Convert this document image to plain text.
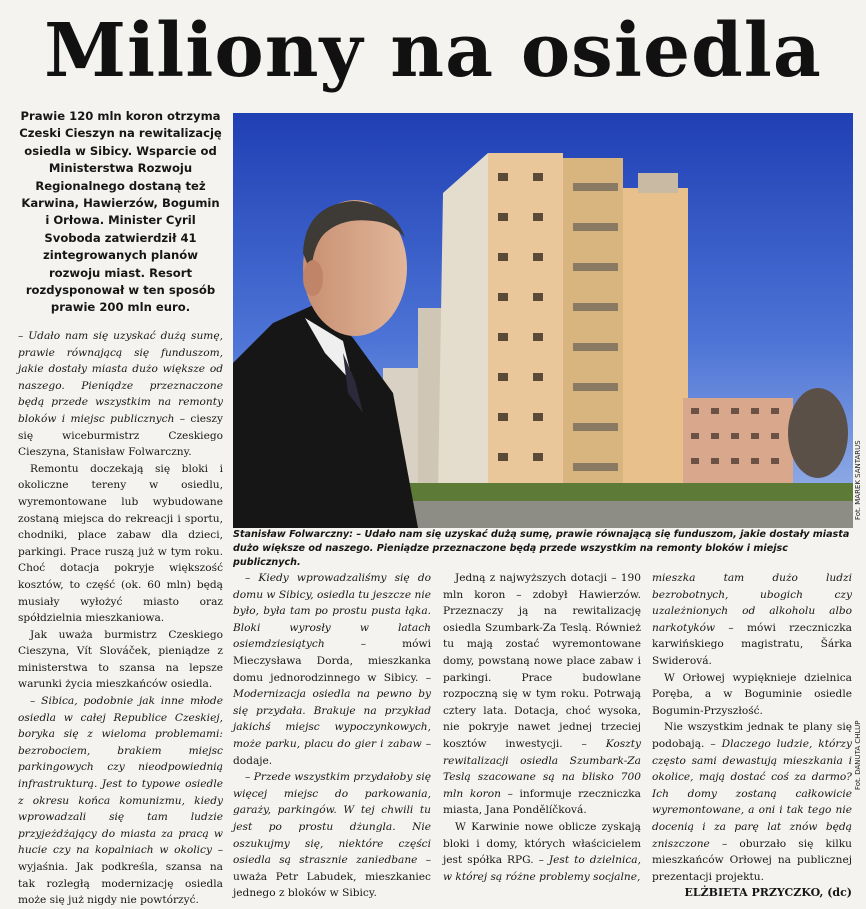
Miliony na osiedla
Prawie 120 mln koron otrzyma Czeski Cieszyn na rewitalizację osiedla w Sibicy. Wsparcie od Ministerstwa Rozwoju Regionalnego dostaną też Karwina, Hawierzów, Bogumin i Orłowa. Minister Cyril Svoboda zatwierdził 41 zintegrowanych planów rozwoju miast. Resort rozdysponował w ten sposób prawie 200 mln euro.

– Udało nam się uzyskać dużą sumę, prawie równającą się funduszom, jakie dostały miasta dużo większe od naszego. Pieniądze przeznaczone będą przede wszystkim na remonty bloków i miejsc publicznych – cieszy się wiceburmistrz Czeskiego Cieszyna, Stanisław Folwarczny.

Remontu doczekają się bloki i okoliczne tereny w osiedlu, wyremontowane lub wybudowane zostaną miejsca do rekreacji i sportu, chodniki, place zabaw dla dzieci, parkingi. Prace ruszą już w tym roku. Choć dotacja pokryje większość kosztów, to część (ok. 60 mln) będą musiały wyłożyć miasto oraz spółdzielnia mieszkaniowa.

Jak uważa burmistrz Czeskiego Cieszyna, Vít Slováček, pieniądze z ministerstwa to szansa na lepsze warunki życia mieszkańców osiedla.

– Sibica, podobnie jak inne młode osiedla w całej Republice Czeskiej, boryka się z wieloma problemami: bezrobociem, brakiem miejsc parkingowych czy nieodpowiednią infrastrukturą. Jest to typowe osiedle z okresu końca komunizmu, kiedy wprowadzali się tam ludzie przyjeżdżający do miasta za pracą w hucie czy na kopalniach w okolicy – wyjaśnia. Jak podkreśla, szansa na tak rozległą modernizację osiedla może się już nigdy nie powtórzyć.

Fot. MAREK SANTARUS
Stanisław Folwarczny: – Udało nam się uzyskać dużą sumę, prawie równającą się funduszom, jakie dostały miasta dużo większe od naszego. Pieniądze przeznaczone będą przede wszystkim na remonty bloków i miejsc publicznych.

– Kiedy wprowadzaliśmy się do domu w Sibicy, osiedla tu jeszcze nie było, była tam po prostu pusta łąka. Bloki wyrosły w latach osiemdziesiątych – mówi Mieczysława Dorda, mieszkanka domu jednorodzinnego w Sibicy. – Modernizacja osiedla na pewno by się przydała. Brakuje na przykład jakichś miejsc wypoczynkowych, może parku, placu do gier i zabaw – dodaje.

– Przede wszystkim przydałoby się więcej miejsc do parkowania, garaży, parkingów. W tej chwili tu jest po prostu dżungla. Nie oszukujmy się, niektóre części osiedla są strasznie zaniedbane – uważa Petr Labudek, mieszkaniec jednego z bloków w Sibicy.

Jedną z najwyższych dotacji – 190 mln koron – zdobył Hawierzów. Przeznaczy ją na rewitalizację osiedla Szumbark-Za Teslą. Również tu mają zostać wyremontowane domy, powstaną nowe place zabaw i parkingi. Prace budowlane rozpoczną się w tym roku. Potrwają cztery lata. Dotacja, choć wysoka, nie pokryje nawet jednej trzeciej kosztów inwestycji. – Koszty rewitalizacji osiedla Szumbark-Za Teslą szacowane są na blisko 700 mln koron – informuje rzeczniczka miasta, Jana Pondělíčková.

W Karwinie nowe oblicze zyskają bloki i domy, których właścicielem jest spółka RPG. – Jest to dzielnica, w której są różne problemy socjalne,

mieszka tam dużo ludzi bezrobotnych, ubogich czy uzależnionych od alkoholu albo narkotyków – mówi rzeczniczka karwińskiego magistratu, Šárka Swiderová.

W Orłowej wypięknieje dzielnica Poręba, a w Boguminie osiedle Bogumin-Przyszłość.

Nie wszystkim jednak te plany się podobają. – Dlaczego ludzie, którzy często sami dewastują mieszkania i okolice, mają dostać coś za darmo? Ich domy zostaną całkowicie wyremontowane, a oni i tak tego nie docenią i za parę lat znów będą zniszczone – oburzało się kilku mieszkańców Orłowej na publicznej prezentacji projektu.

ELŻBIETA PRZYCZKO, (dc)

Fot. DANUTA CHLUP
